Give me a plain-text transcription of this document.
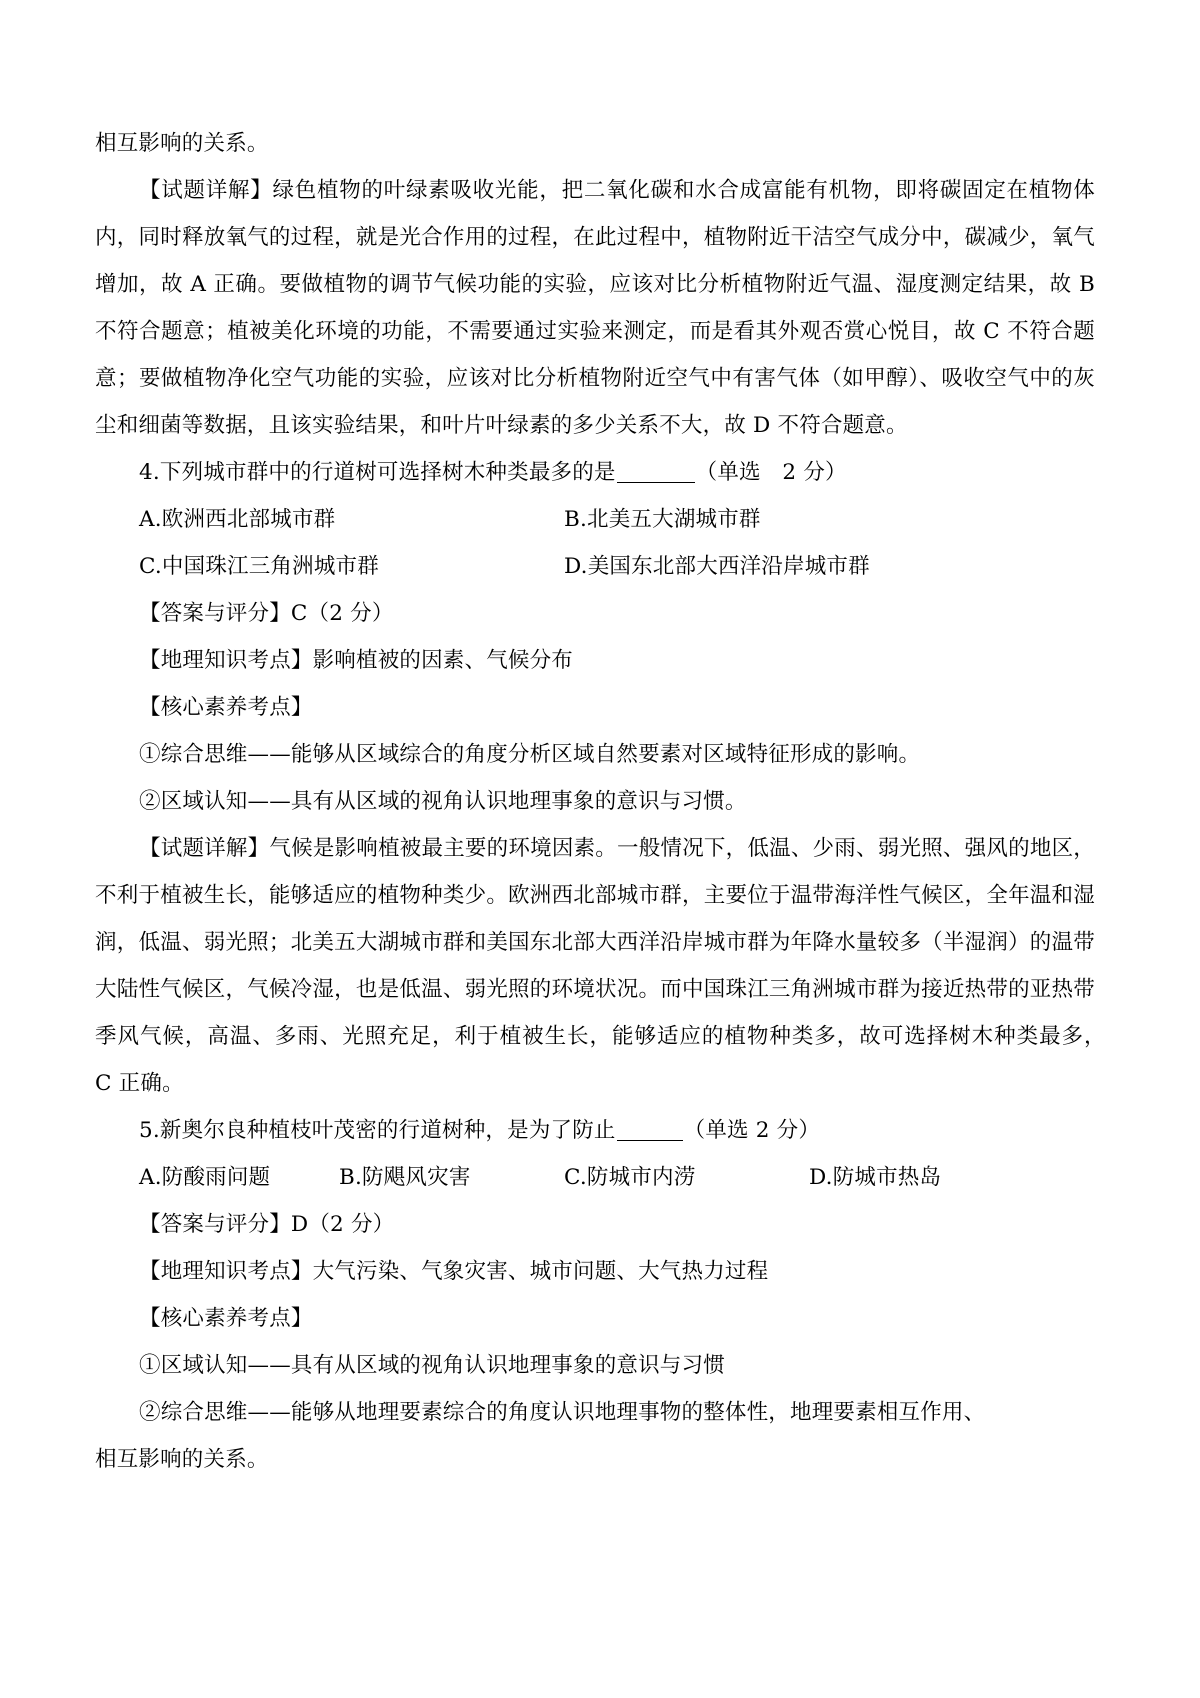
相互影响的关系。

【试题详解】绿色植物的叶绿素吸收光能，把二氧化碳和水合成富能有机物，即将碳固定在植物体内，同时释放氧气的过程，就是光合作用的过程，在此过程中，植物附近干洁空气成分中，碳减少，氧气增加，故 A 正确。要做植物的调节气候功能的实验，应该对比分析植物附近气温、湿度测定结果，故 B 不符合题意；植被美化环境的功能，不需要通过实验来测定，而是看其外观否赏心悦目，故 C 不符合题意；要做植物净化空气功能的实验，应该对比分析植物附近空气中有害气体（如甲醇）、吸收空气中的灰尘和细菌等数据，且该实验结果，和叶片叶绿素的多少关系不大，故 D 不符合题意。

4.下列城市群中的行道树可选择树木种类最多的是	（单选　2 分）

A.欧洲西北部城市群	B.北美五大湖城市群

C.中国珠江三角洲城市群	D.美国东北部大西洋沿岸城市群

【答案与评分】C（2 分）

【地理知识考点】影响植被的因素、气候分布

【核心素养考点】

①综合思维——能够从区域综合的角度分析区域自然要素对区域特征形成的影响。

②区域认知——具有从区域的视角认识地理事象的意识与习惯。

【试题详解】气候是影响植被最主要的环境因素。一般情况下，低温、少雨、弱光照、强风的地区，不利于植被生长，能够适应的植物种类少。欧洲西北部城市群，主要位于温带海洋性气候区，全年温和湿润，低温、弱光照；北美五大湖城市群和美国东北部大西洋沿岸城市群为年降水量较多（半湿润）的温带大陆性气候区，气候冷湿，也是低温、弱光照的环境状况。而中国珠江三角洲城市群为接近热带的亚热带季风气候，高温、多雨、光照充足，利于植被生长，能够适应的植物种类多，故可选择树木种类最多，　C 正确。

5.新奥尔良种植枝叶茂密的行道树种，是为了防止	（单选 2 分）

A.防酸雨问题	B.防飓风灾害	C.防城市内涝	D.防城市热岛

【答案与评分】D（2 分）

【地理知识考点】大气污染、气象灾害、城市问题、大气热力过程

【核心素养考点】

①区域认知——具有从区域的视角认识地理事象的意识与习惯

②综合思维——能够从地理要素综合的角度认识地理事物的整体性，地理要素相互作用、

相互影响的关系。
